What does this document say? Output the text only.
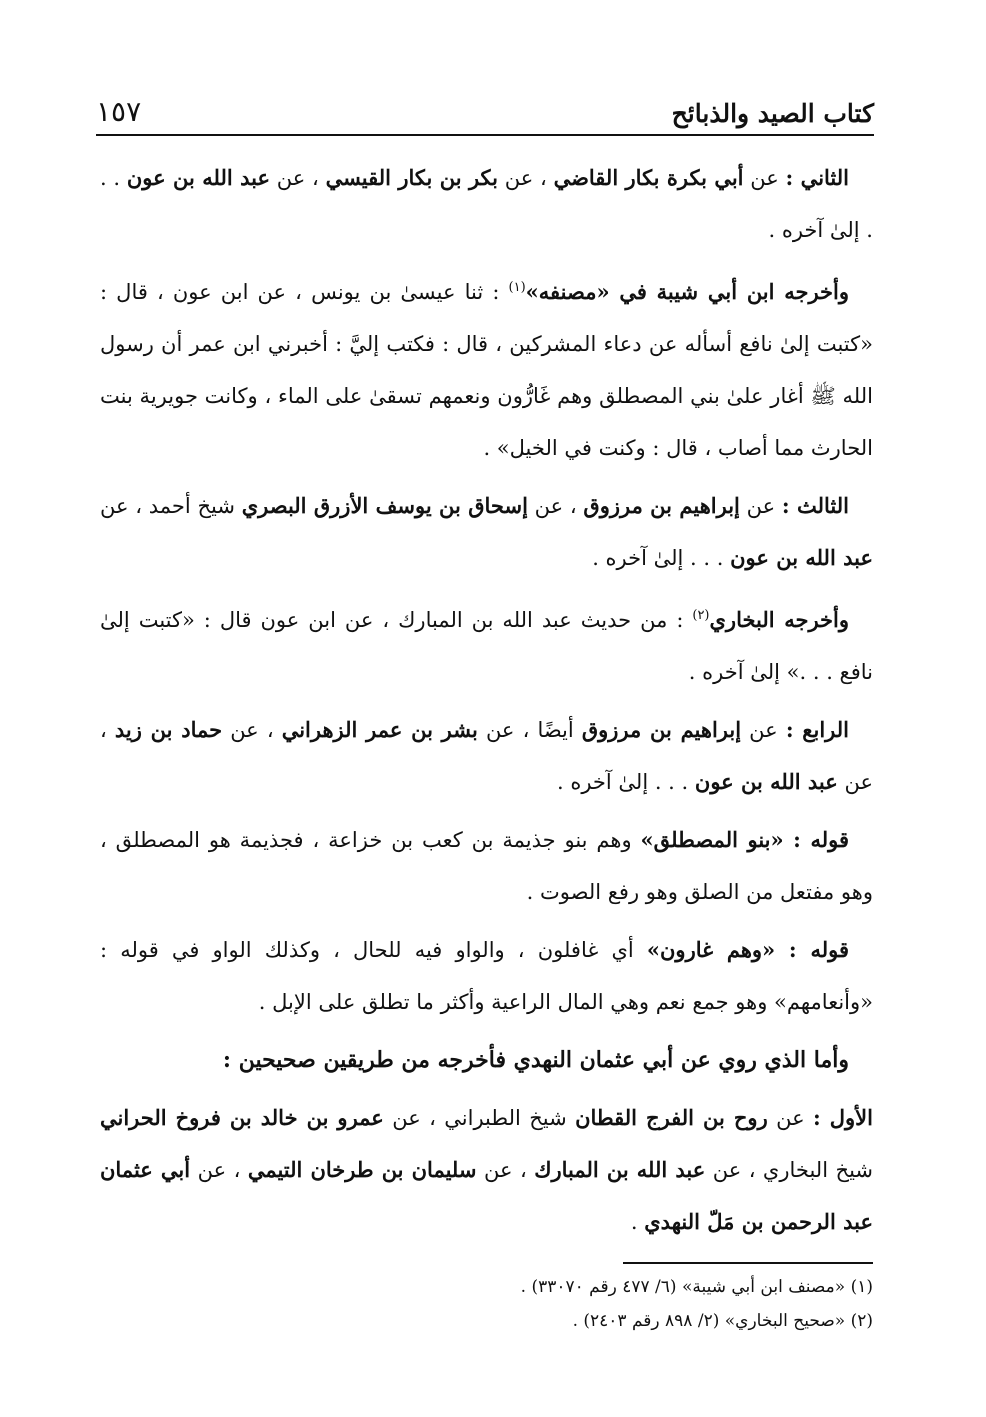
١٥٧	كتاب الصيد والذبائح

الثاني : عن أبي بكرة بكار القاضي ، عن بكر بن بكار القيسي ، عن عبد الله بن عون . . . إلىٰ آخره .

وأخرجه ابن أبي شيبة في «مصنفه»$^{(١)}$ : ثنا عيسىٰ بن يونس ، عن ابن عون ، قال : «كتبت إلىٰ نافع أسأله عن دعاء المشركين ، قال : فكتب إليَّ : أخبرني ابن عمر أن رسول الله ﷺ أغار علىٰ بني المصطلق وهم غَارُّون ونعمهم تسقىٰ على الماء ، وكانت جويرية بنت الحارث مما أصاب ، قال : وكنت في الخيل» .

الثالث : عن إبراهيم بن مرزوق ، عن إسحاق بن يوسف الأزرق البصري شيخ أحمد ، عن عبد الله بن عون . . . إلىٰ آخره .

وأخرجه البخاري$^{(٢)}$ : من حديث عبد الله بن المبارك ، عن ابن عون قال : «كتبت إلىٰ نافع . . .» إلىٰ آخره .

الرابع : عن إبراهيم بن مرزوق أيضًا ، عن بشر بن عمر الزهراني ، عن حماد بن زيد ، عن عبد الله بن عون . . . إلىٰ آخره .

قوله : «بنو المصطلق» وهم بنو جذيمة بن كعب بن خزاعة ، فجذيمة هو المصطلق ، وهو مفتعل من الصلق وهو رفع الصوت .

قوله : «وهم غارون» أي غافلون ، والواو فيه للحال ، وكذلك الواو في قوله : «وأنعامهم» وهو جمع نعم وهي المال الراعية وأكثر ما تطلق على الإبل .

وأما الذي روي عن أبي عثمان النهدي فأخرجه من طريقين صحيحين :

الأول : عن روح بن الفرج القطان شيخ الطبراني ، عن عمرو بن خالد بن فروخ الحراني شيخ البخاري ، عن عبد الله بن المبارك ، عن سليمان بن طرخان التيمي ، عن أبي عثمان عبد الرحمن بن مَلّ النهدي .

(١) «مصنف ابن أبي شيبة» (٦/ ٤٧٧ رقم ٣٣٠٧٠) .

(٢) «صحيح البخاري» (٢/ ٨٩٨ رقم ٢٤٠٣) .
